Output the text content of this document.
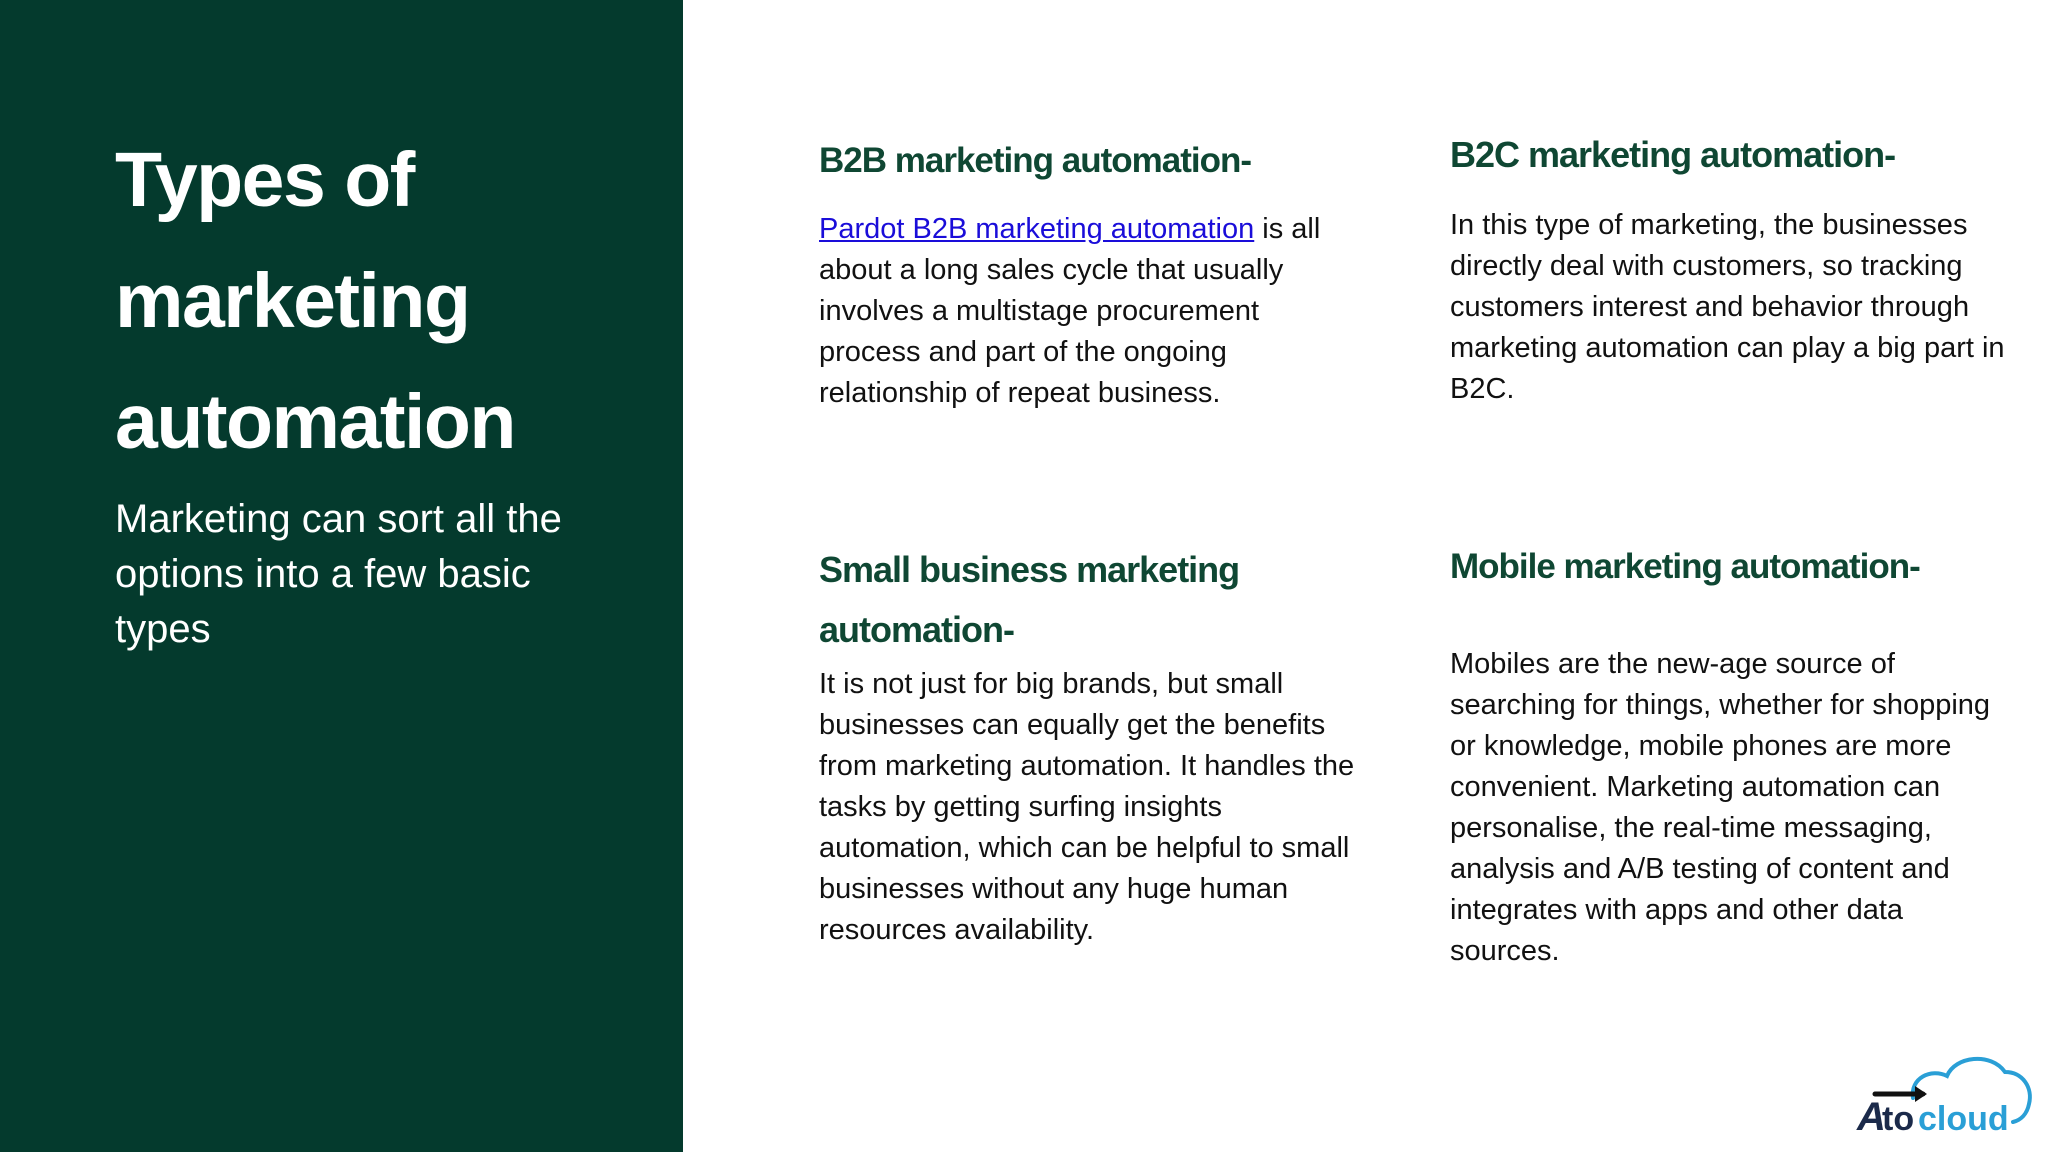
Types of marketing automation

Marketing can sort all the options into a few basic types

B2B marketing automation-

Pardot B2B marketing automation is all about a long sales cycle that usually involves a multistage procurement process and part of the ongoing relationship of repeat business.

B2C marketing automation-

In this type of marketing, the businesses directly deal with customers, so tracking customers interest and behavior through marketing automation can play a big part in B2C.

Small business marketing automation-

It is not just for big brands, but small businesses can equally get the benefits from marketing automation. It handles the tasks by getting surfing insights automation, which can be helpful to small businesses without any huge human resources availability.

Mobile marketing automation-

Mobiles are the new-age source of searching for things, whether for shopping or knowledge, mobile phones are more convenient. Marketing automation can personalise, the real-time messaging, analysis and A/B testing of content and integrates with apps and other data sources.

A
to cloud
